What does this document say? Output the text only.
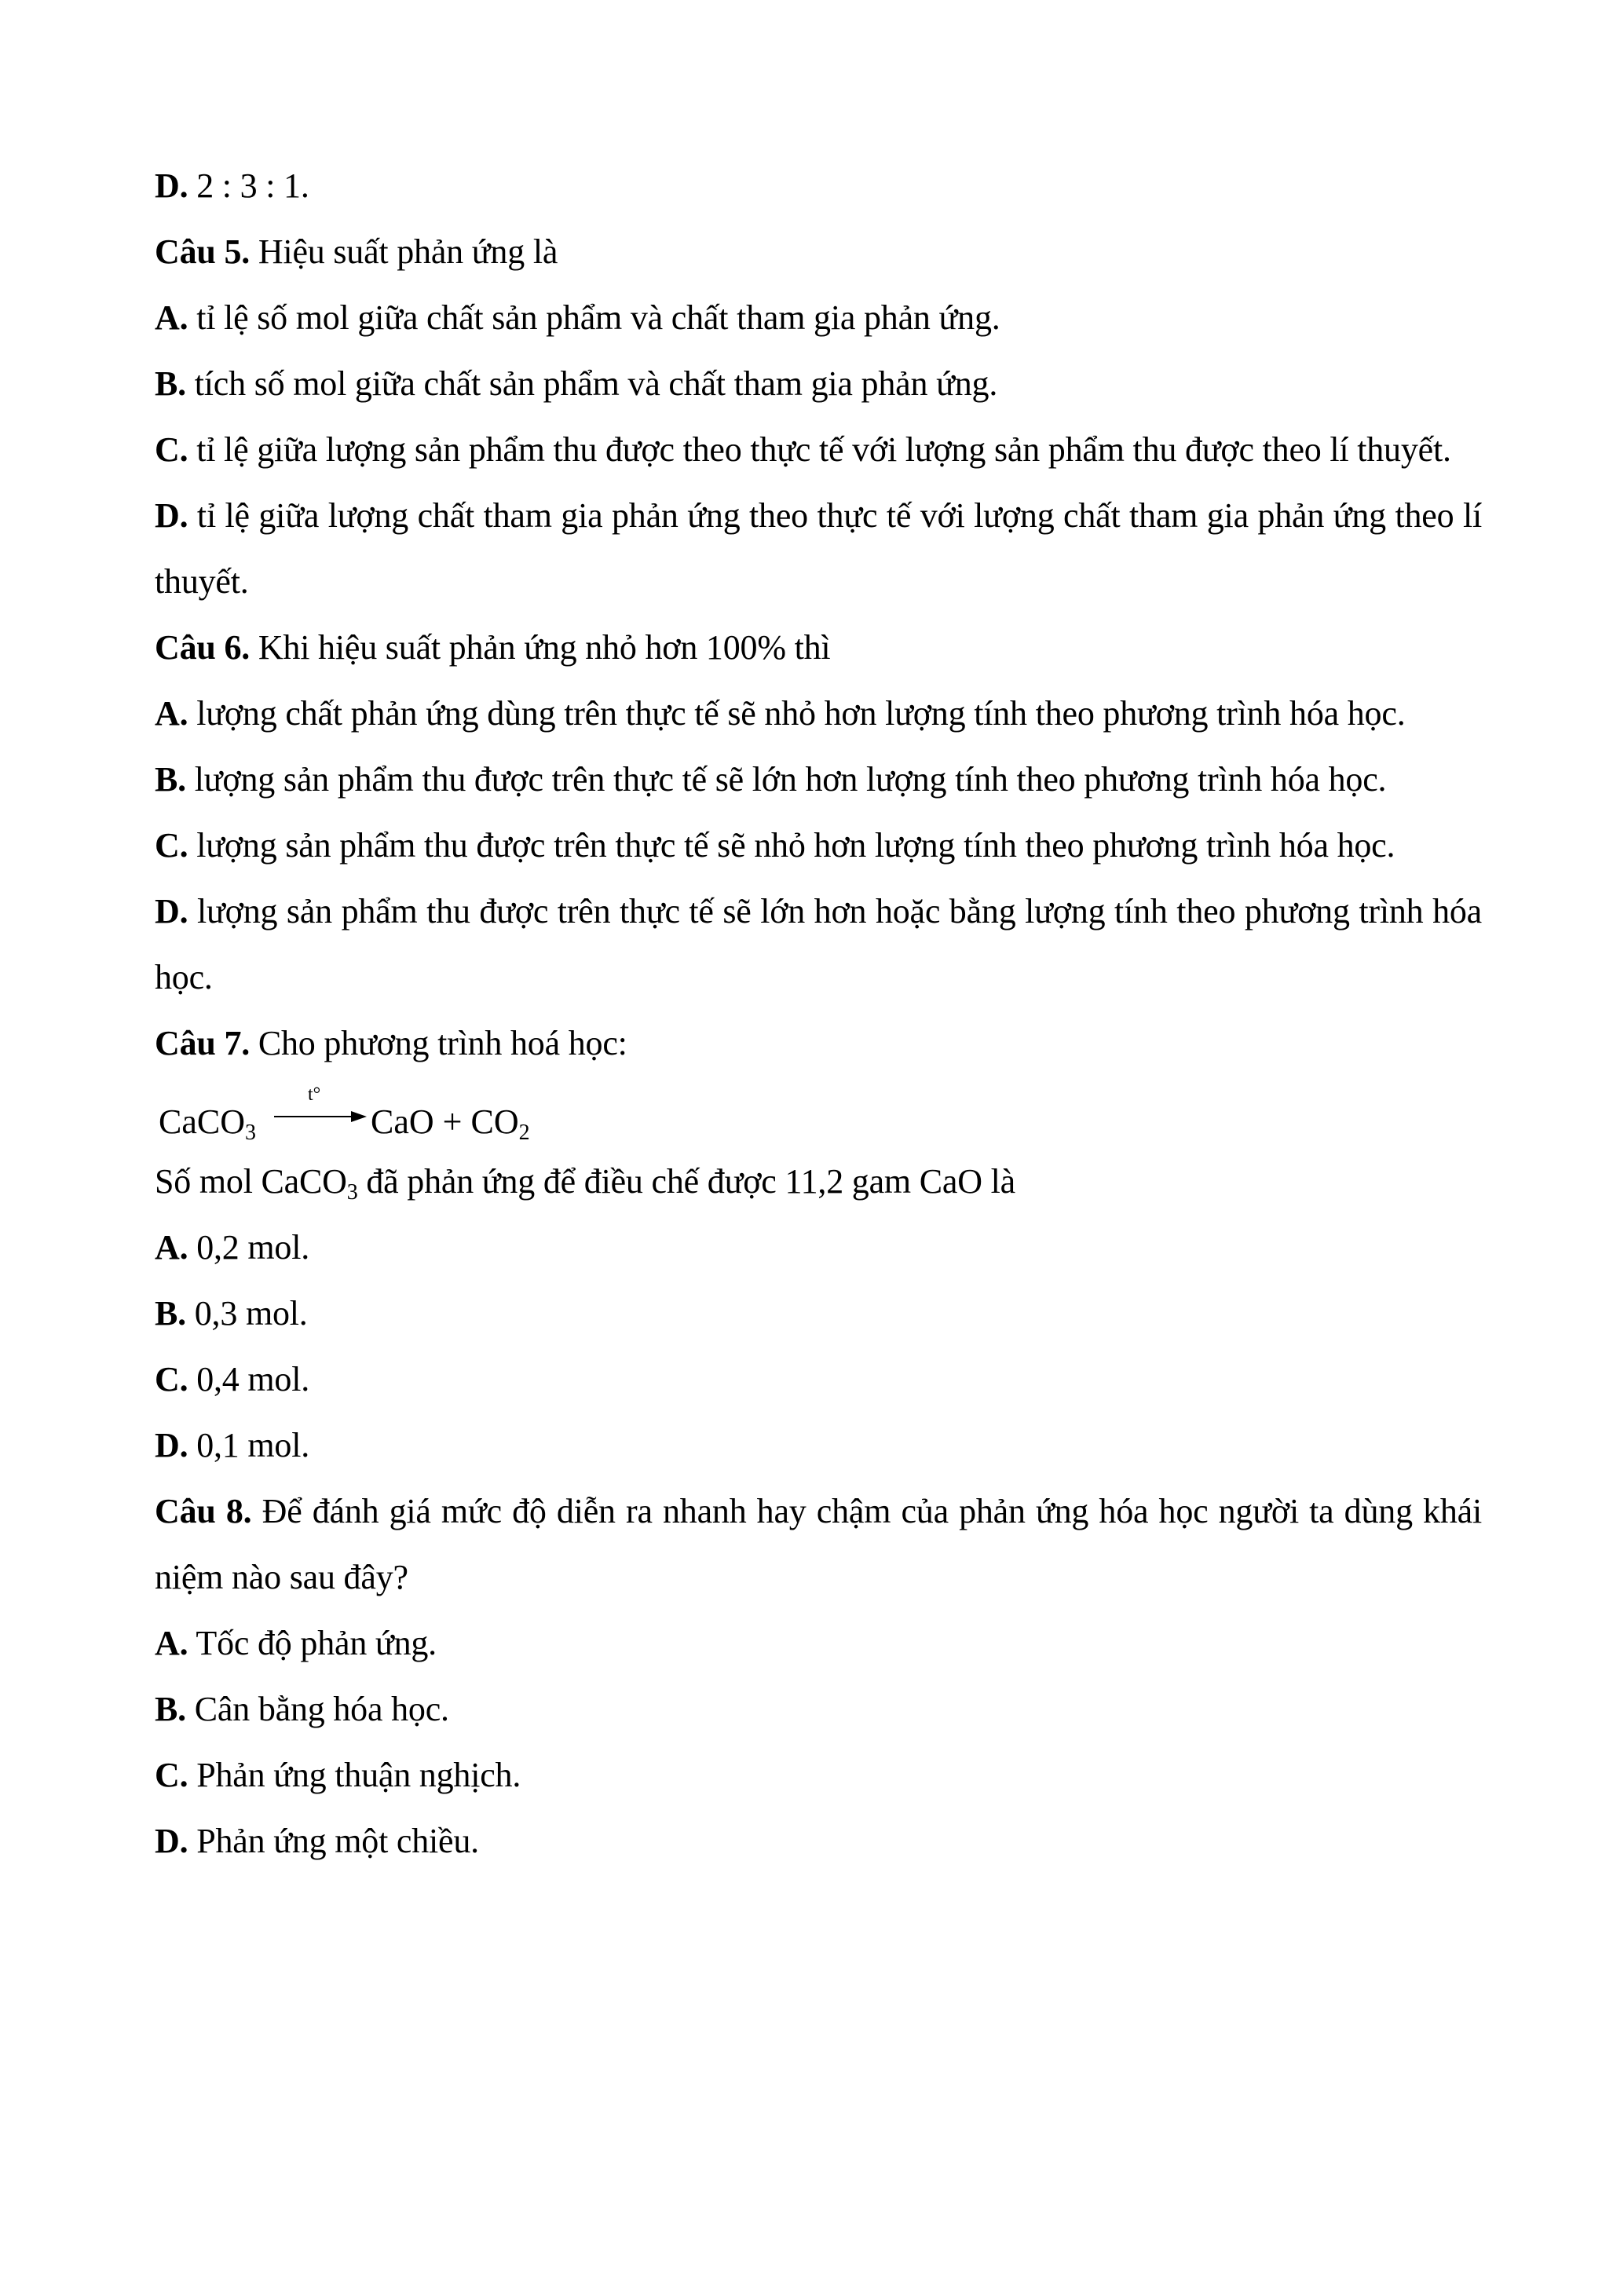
D. 2 : 3 : 1.
Câu 5. Hiệu suất phản ứng là
A. tỉ lệ số mol giữa chất sản phẩm và chất tham gia phản ứng.
B. tích số mol giữa chất sản phẩm và chất tham gia phản ứng.
C. tỉ lệ giữa lượng sản phẩm thu được theo thực tế với lượng sản phẩm thu được theo lí thuyết.
D. tỉ lệ giữa lượng chất tham gia phản ứng theo thực tế với lượng chất tham gia phản ứng theo lí thuyết.
Câu 6. Khi hiệu suất phản ứng nhỏ hơn 100% thì
A. lượng chất phản ứng dùng trên thực tế sẽ nhỏ hơn lượng tính theo phương trình hóa học.
B. lượng sản phẩm thu được trên thực tế sẽ lớn hơn lượng tính theo phương trình hóa học.
C. lượng sản phẩm thu được trên thực tế sẽ nhỏ hơn lượng tính theo phương trình hóa học.
D. lượng sản phẩm thu được trên thực tế sẽ lớn hơn hoặc bằng lượng tính theo phương trình hóa học.
Câu 7. Cho phương trình hoá học:
CaCO$_3$
t°
CaO + $CO_2$
Số mol CaCO$_3$ đã phản ứng để điều chế được 11,2 gam CaO là
A. 0,2 mol.
B. 0,3 mol.
C. 0,4 mol.
D. 0,1 mol.
Câu 8. Để đánh giá mức độ diễn ra nhanh hay chậm của phản ứng hóa học người ta dùng khái niệm nào sau đây?
A. Tốc độ phản ứng.
B. Cân bằng hóa học.
C. Phản ứng thuận nghịch.
D. Phản ứng một chiều.
